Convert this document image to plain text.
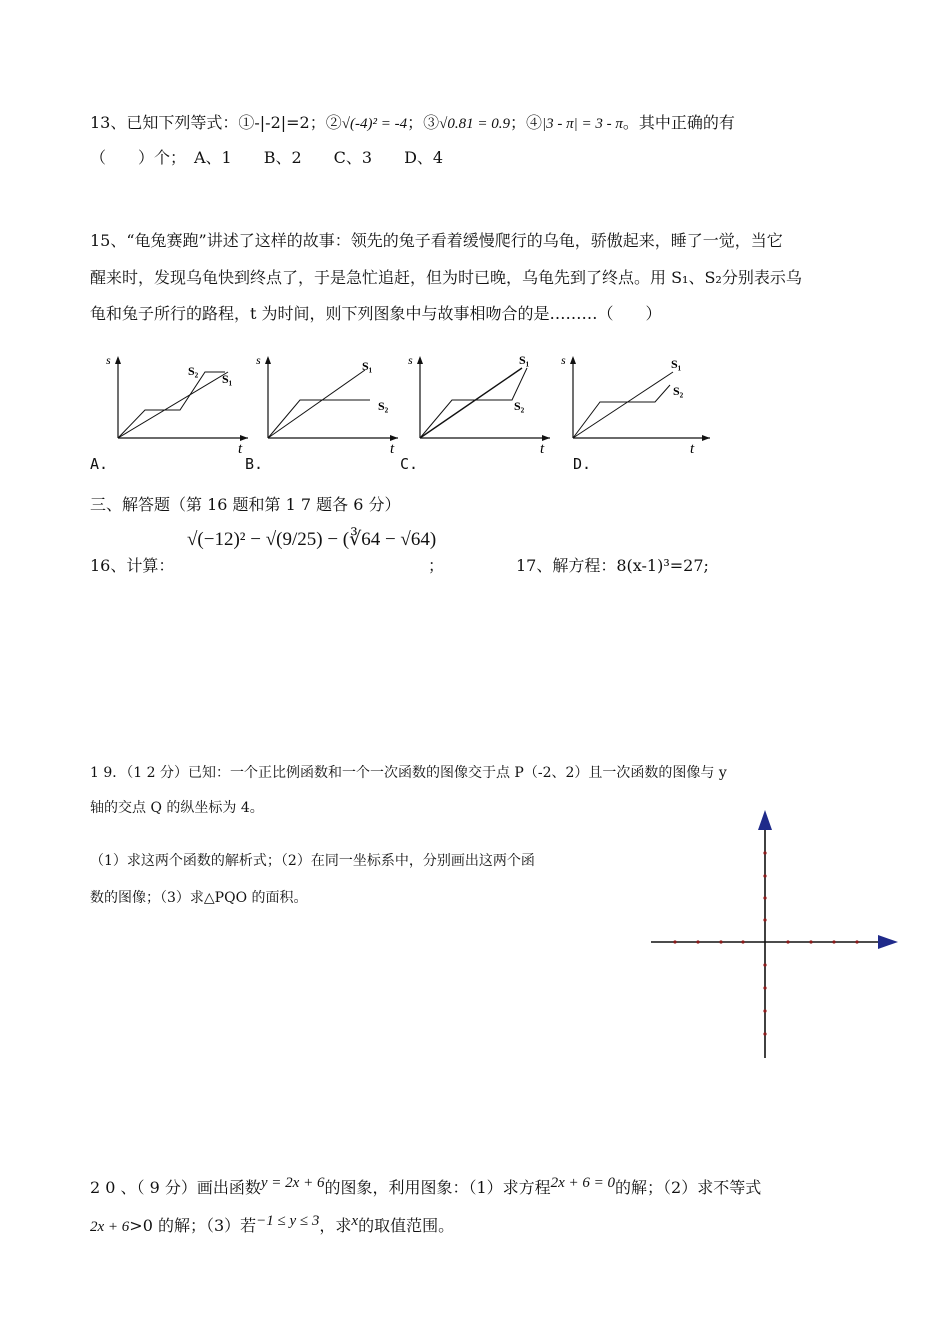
13、已知下列等式：①-|-2|=2；②√(-4)² = -4；③√0.81 = 0.9；④|3 - π| = 3 - π。其中正确的有
（　　）个；　A、1　　B、2　　C、3　　D、4
15、“龟兔赛跑”讲述了这样的故事：领先的兔子看着缓慢爬行的乌龟，骄傲起来，睡了一觉，当它
醒来时，发现乌龟快到终点了，于是急忙追赶，但为时已晚，乌龟先到了终点。用 S₁、S₂分别表示乌
龟和兔子所行的路程，t 为时间，则下列图象中与故事相吻合的是………（　　）
s
t
S₂
S₁
A.
s
t
S₁
S₂
B.
s
t
S₁
S₂
C.
s
t
S₁
S₂
D.
三、解答题（第 16 题和第 1 7 题各 6 分）
16、计算：
√(−12)² − √(9/25) − (∛64 − √64)
；	17、解方程：8(x-1)³=27;
1 9．（1 2 分）已知：一个正比例函数和一个一次函数的图像交于点 P（-2、2）且一次函数的图像与 y
轴的交点 Q 的纵坐标为 4。
（1）求这两个函数的解析式；（2）在同一坐标系中，分别画出这两个函
数的图像；（3）求△PQO 的面积。
2 0 、（ 9 分）画出函数y = 2x + 6的图象，利用图象：（1）求方程2x + 6 = 0的解；（2）求不等式
2x + 6>0 的解；（3）若−1 ≤ y ≤ 3，求x的取值范围。
